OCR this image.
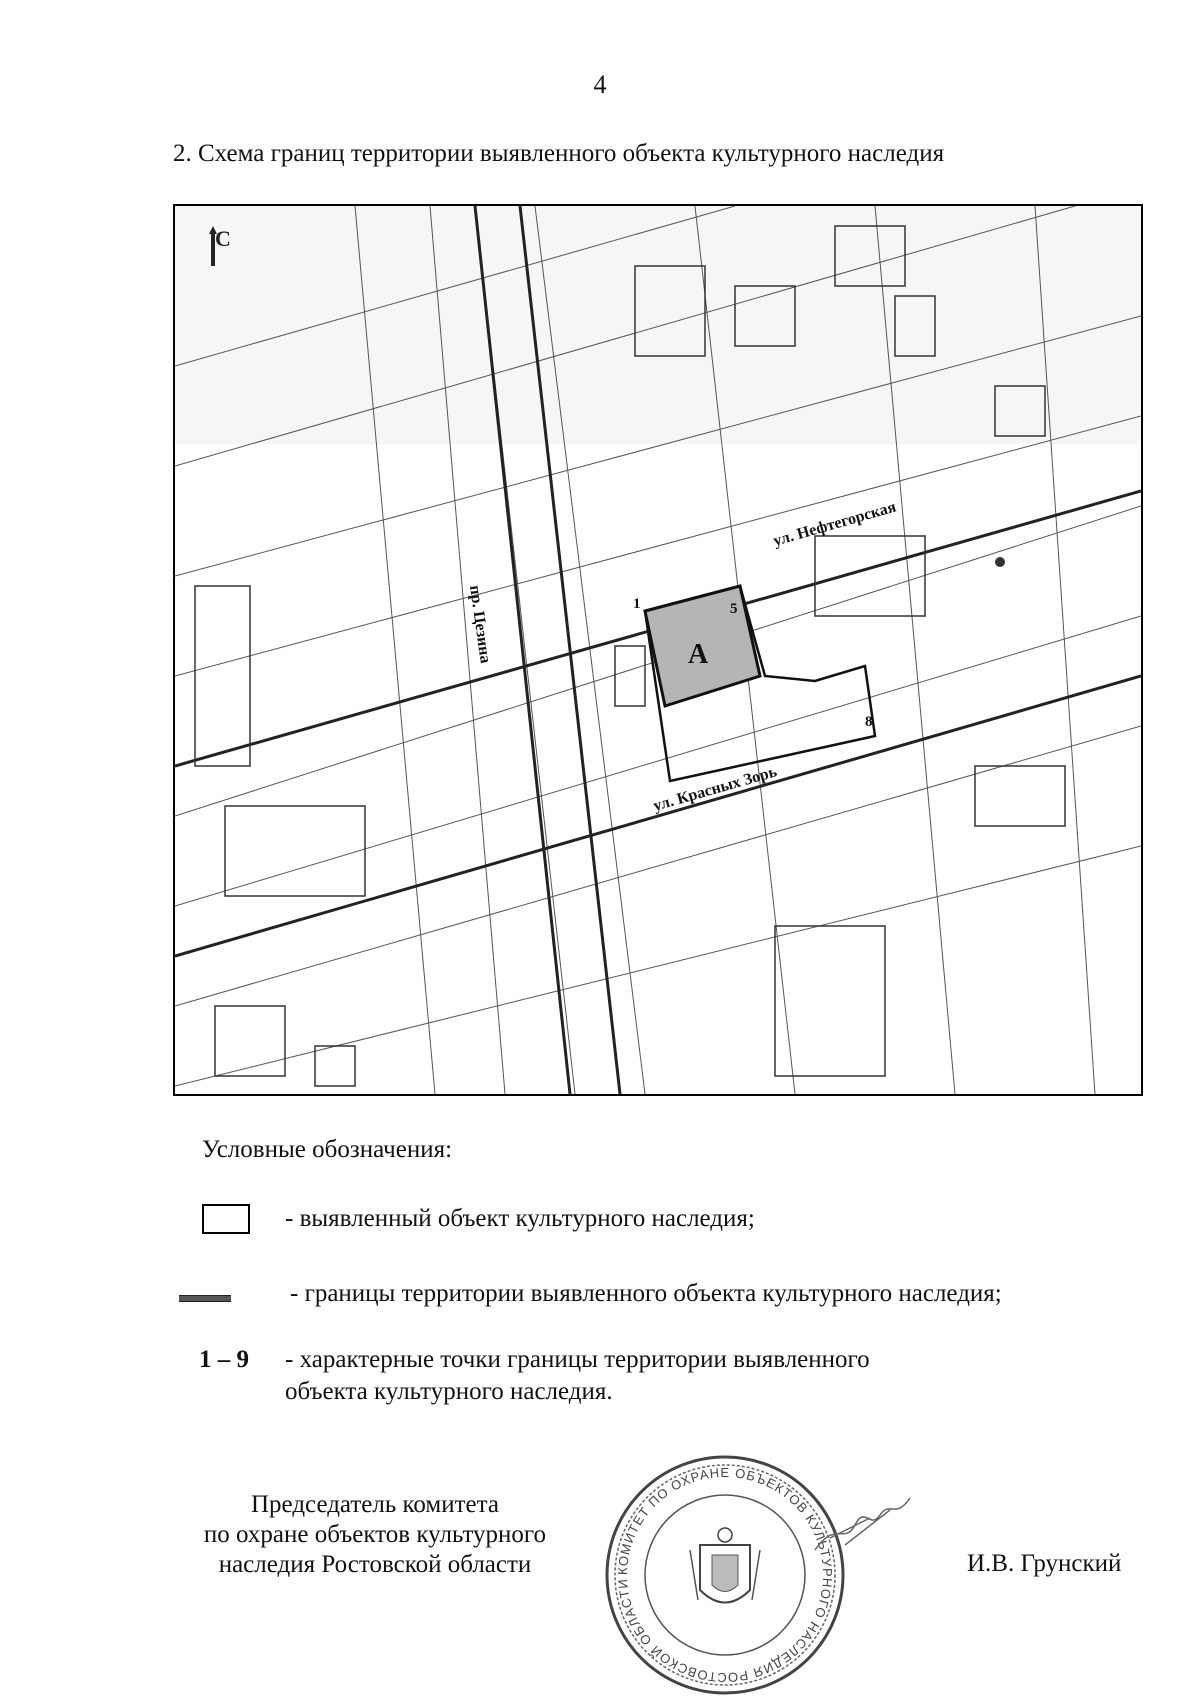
4
2. Схема границ территории выявленного объекта культурного наследия
А
С
ул. Нефтегорская
пр. Цезина
ул. Красных Зорь
1	5
8
Условные обозначения:
- выявленный объект культурного наследия;
- границы территории выявленного объекта культурного наследия;
1 – 9 - характерные точки границы территории выявленного
объекта культурного наследия.
Председатель комитета
по охране объектов культурного
наследия Ростовской области	КОМИТЕТ ПО ОХРАНЕ ОБЪЕКТОВ КУЛЬТУРНОГО НАСЛЕДИЯ РОСТОВСКОЙ ОБЛАСТИ
И.В. Грунский
